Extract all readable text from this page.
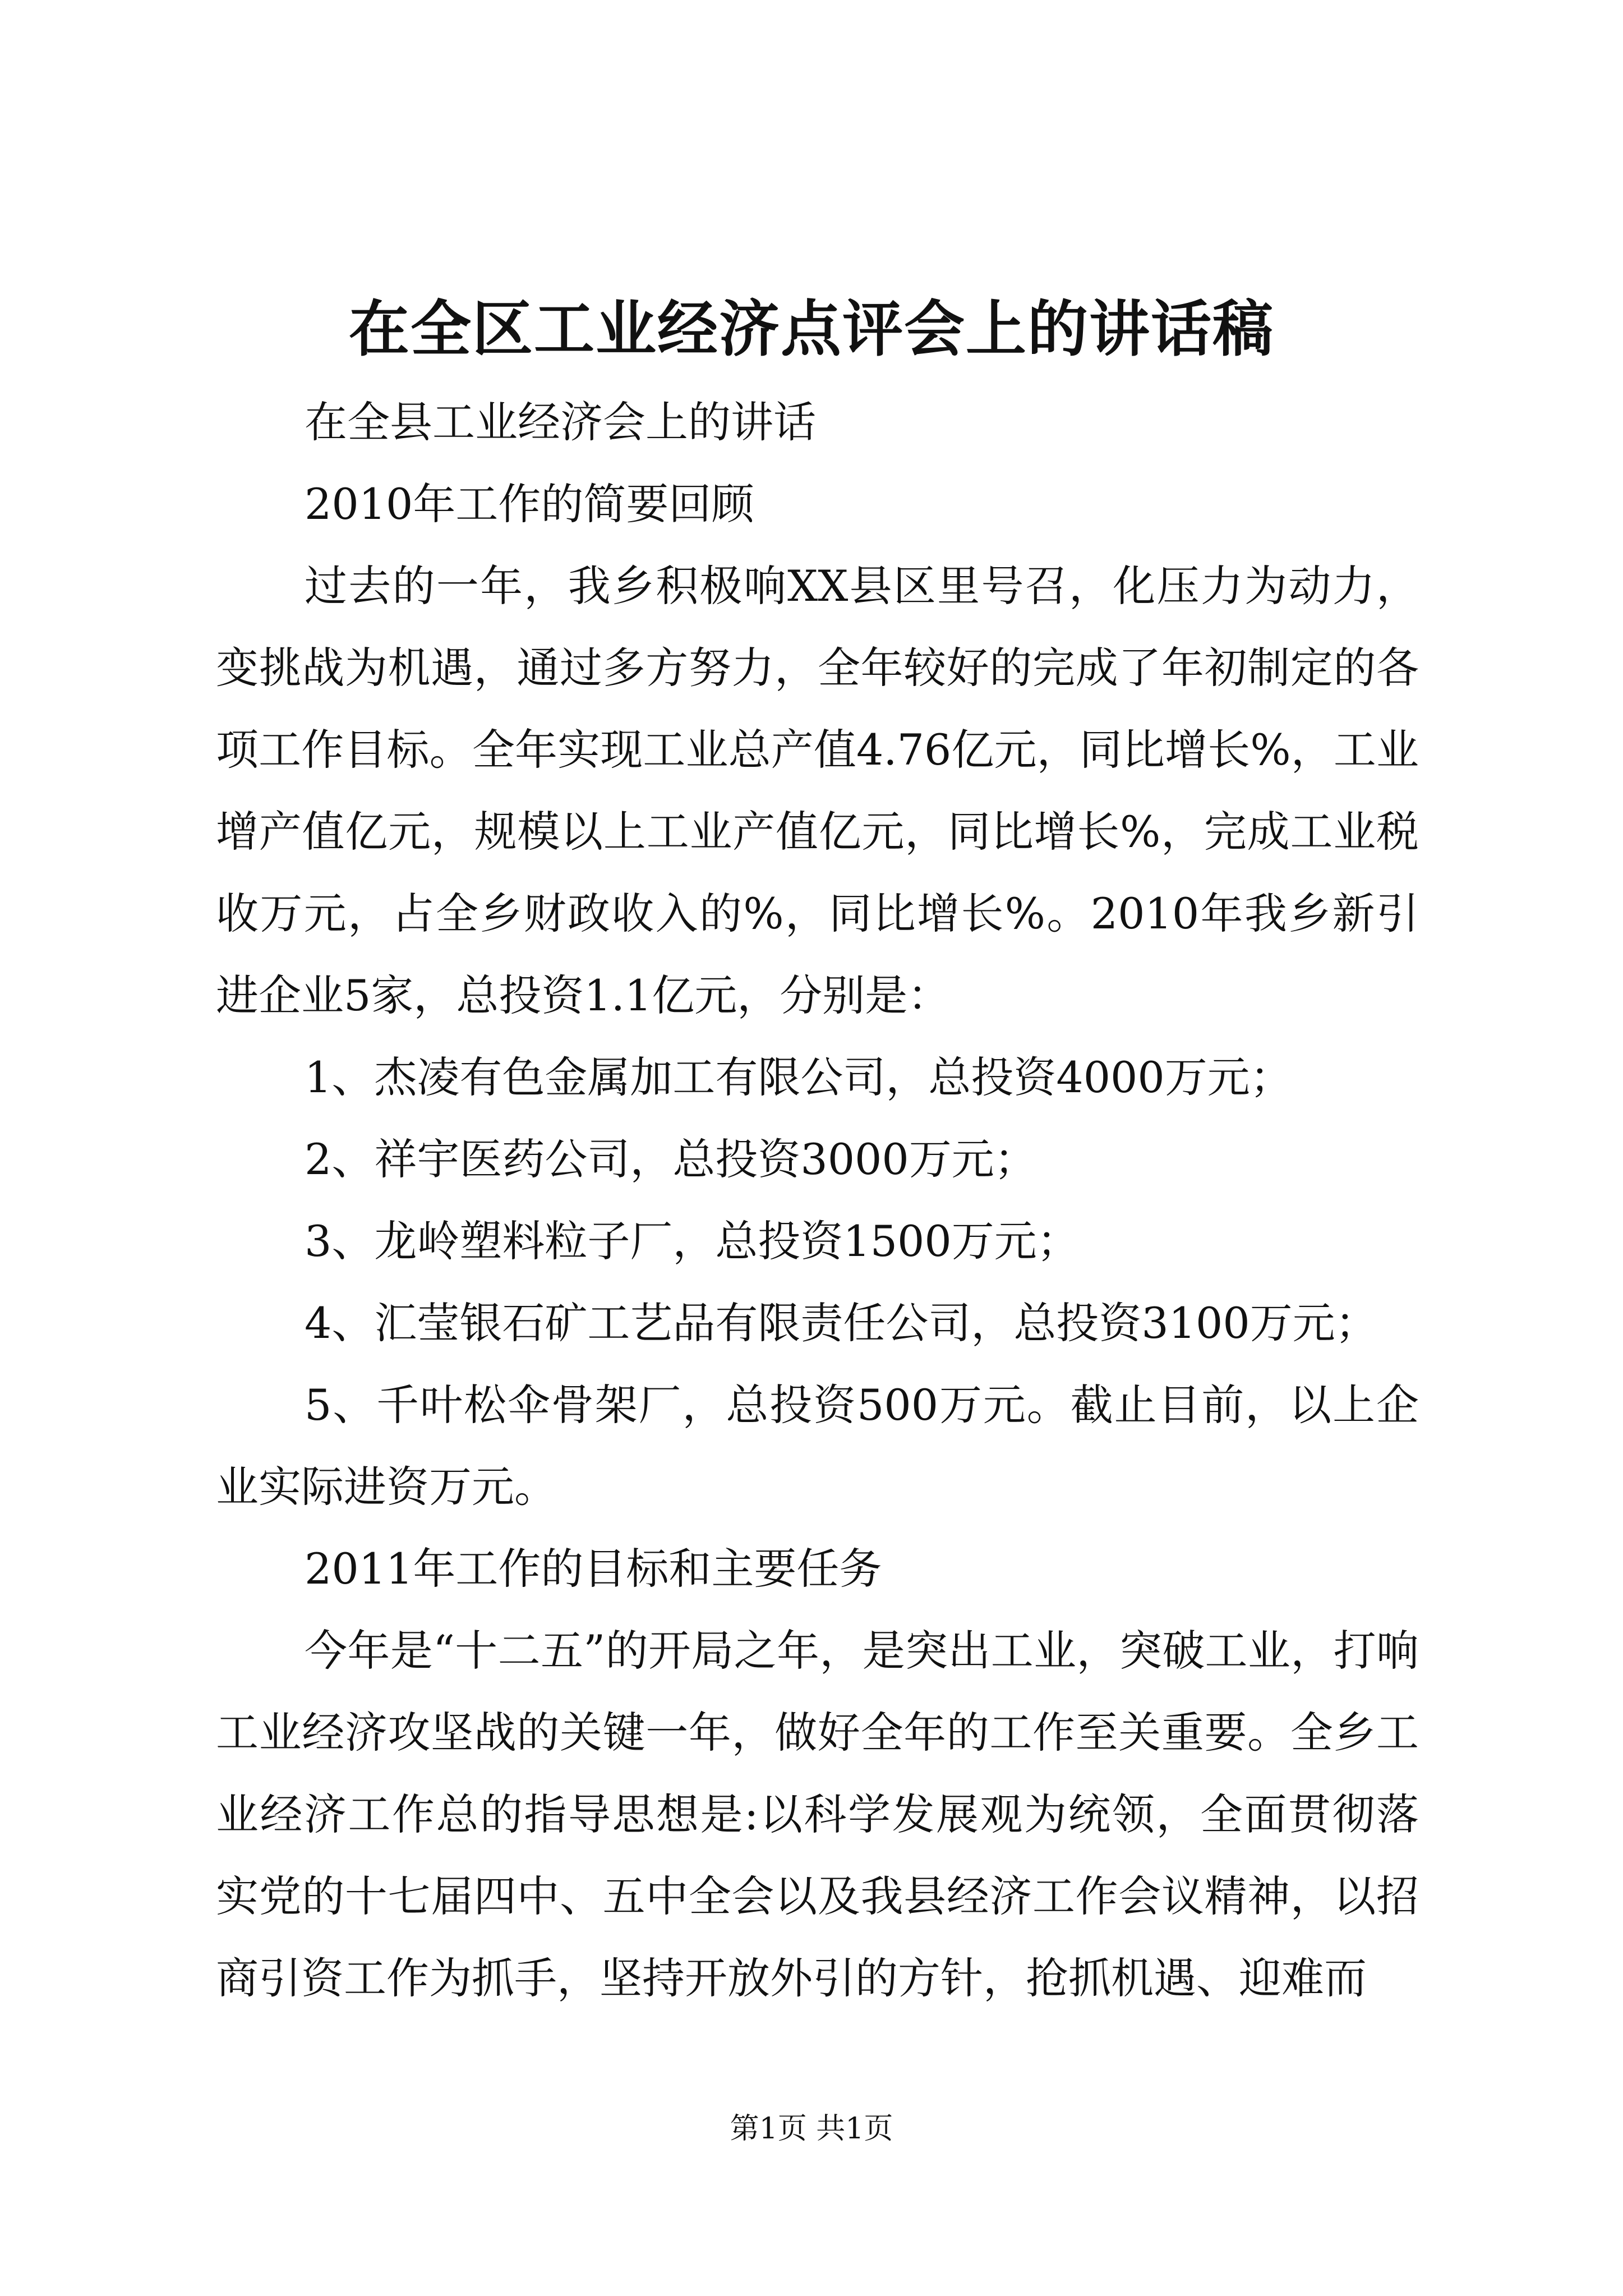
在全区工业经济点评会上的讲话稿

在全县工业经济会上的讲话

2010年工作的简要回顾

过去的一年，我乡积极响XX县区里号召，化压力为动力，变挑战为机遇，通过多方努力，全年较好的完成了年初制定的各项工作目标。全年实现工业总产值4.76亿元，同比增长%，工业增产值亿元，规模以上工业产值亿元，同比增长%，完成工业税收万元，占全乡财政收入的%，同比增长%。2010年我乡新引进企业5家，总投资1.1亿元，分别是：

1、杰凌有色金属加工有限公司，总投资4000万元；

2、祥宇医药公司，总投资3000万元；

3、龙岭塑料粒子厂，总投资1500万元；

4、汇莹银石矿工艺品有限责任公司，总投资3100万元；

5、千叶松伞骨架厂，总投资500万元。截止目前，以上企业实际进资万元。

2011年工作的目标和主要任务

今年是“十二五”的开局之年，是突出工业，突破工业，打响工业经济攻坚战的关键一年，做好全年的工作至关重要。全乡工业经济工作总的指导思想是:以科学发展观为统领，全面贯彻落实党的十七届四中、五中全会以及我县经济工作会议精神，以招商引资工作为抓手，坚持开放外引的方针，抢抓机遇、迎难而

第1页 共1页
